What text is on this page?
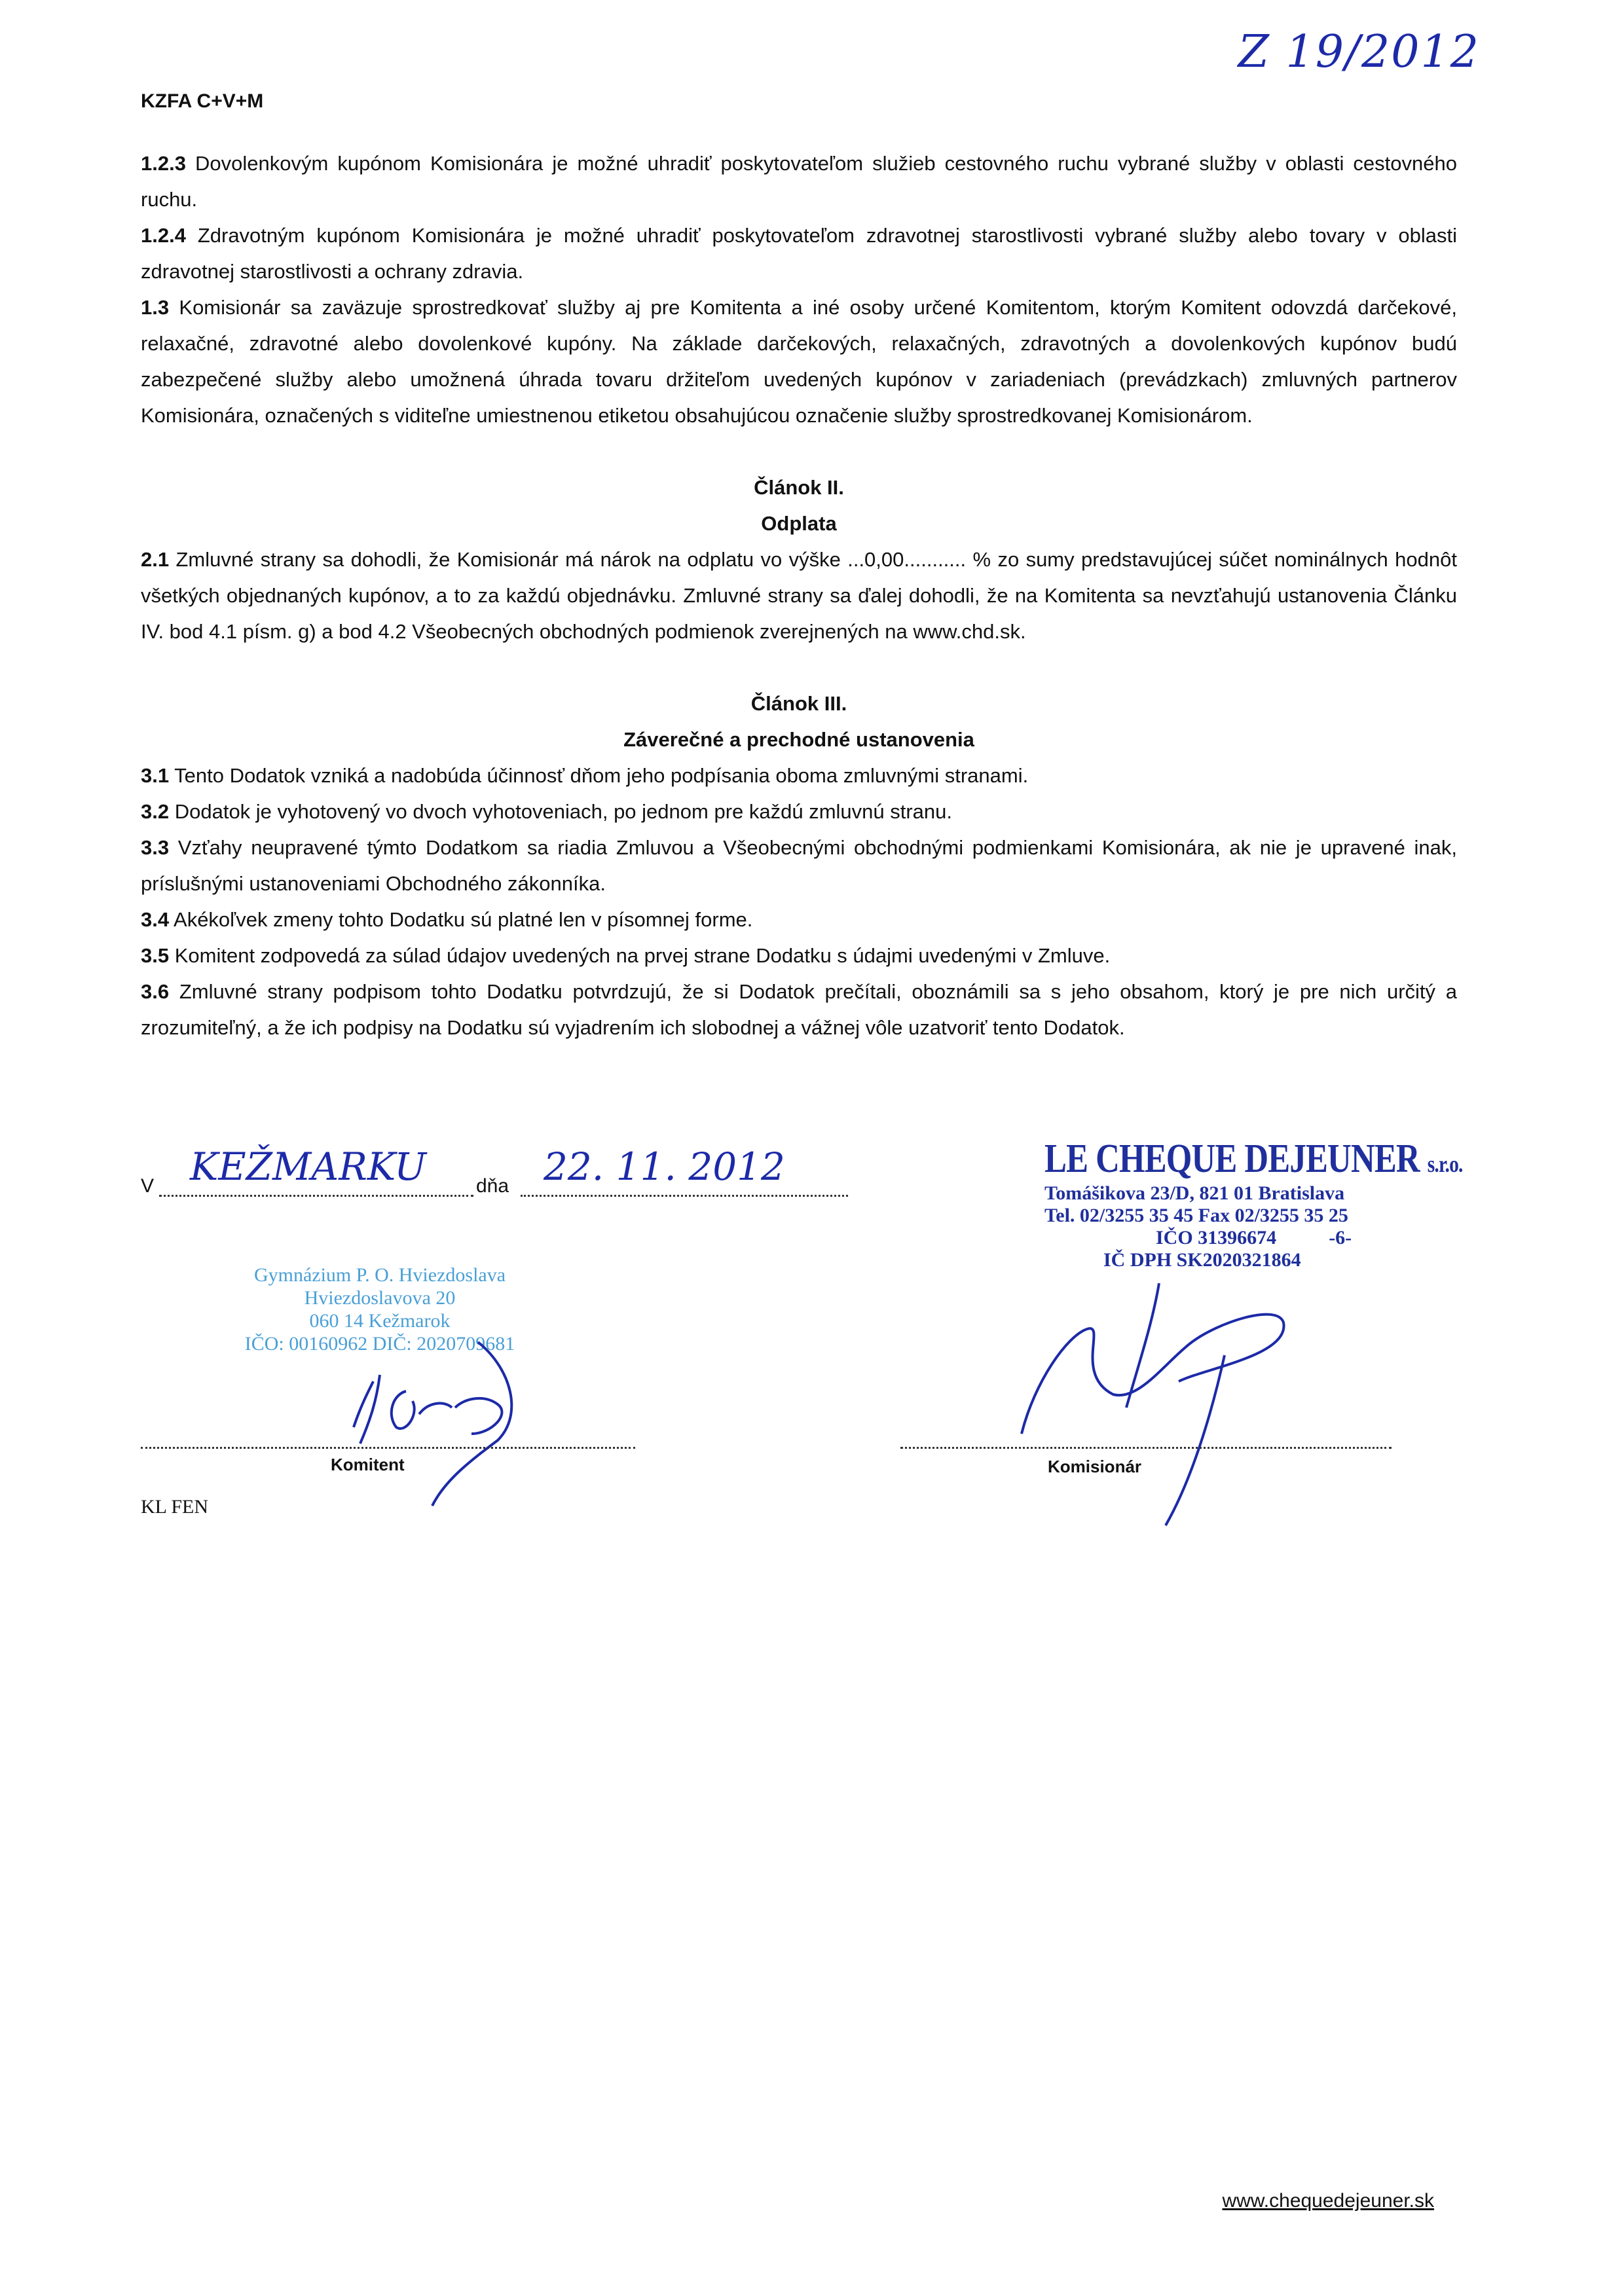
Z 19/2012
KZFA C+V+M

1.2.3 Dovolenkovým kupónom Komisionára je možné uhradiť poskytovateľom služieb cestovného ruchu vybrané služby v oblasti cestovného ruchu.

1.2.4 Zdravotným kupónom Komisionára je možné uhradiť poskytovateľom zdravotnej starostlivosti vybrané služby alebo tovary v oblasti zdravotnej starostlivosti a ochrany zdravia.

1.3 Komisionár sa zaväzuje sprostredkovať služby aj pre Komitenta a iné osoby určené Komitentom, ktorým Komitent odovzdá darčekové, relaxačné, zdravotné alebo dovolenkové kupóny. Na základe darčekových, relaxačných, zdravotných a dovolenkových kupónov budú zabezpečené služby alebo umožnená úhrada tovaru držiteľom uvedených kupónov v zariadeniach (prevádzkach) zmluvných partnerov Komisionára, označených s viditeľne umiestnenou etiketou obsahujúcou označenie služby sprostredkovanej Komisionárom.

Článok II.

Odplata

2.1 Zmluvné strany sa dohodli, že Komisionár má nárok na odplatu vo výške ...0,00........... % zo sumy predstavujúcej súčet nominálnych hodnôt všetkých objednaných kupónov, a to za každú objednávku. Zmluvné strany sa ďalej dohodli, že na Komitenta sa nevzťahujú ustanovenia Článku IV. bod 4.1 písm. g) a bod 4.2 Všeobecných obchodných podmienok zverejnených na www.chd.sk.

Článok III.

Záverečné a prechodné ustanovenia

3.1 Tento Dodatok vzniká a nadobúda účinnosť dňom jeho podpísania oboma zmluvnými stranami.

3.2 Dodatok je vyhotovený vo dvoch vyhotoveniach, po jednom pre každú zmluvnú stranu.

3.3 Vzťahy neupravené týmto Dodatkom sa riadia Zmluvou a Všeobecnými obchodnými podmienkami Komisionára, ak nie je upravené inak, príslušnými ustanoveniami Obchodného zákonníka.

3.4 Akékoľvek zmeny tohto Dodatku sú platné len v písomnej forme.

3.5 Komitent zodpovedá za súlad údajov uvedených na prvej strane Dodatku s údajmi uvedenými v Zmluve.

3.6 Zmluvné strany podpisom tohto Dodatku potvrdzujú, že si Dodatok prečítali, oboznámili sa s jeho obsahom, ktorý je pre nich určitý a zrozumiteľný, a že ich podpisy na Dodatku sú vyjadrením ich slobodnej a vážnej vôle uzatvoriť tento Dodatok.

V	dňa
KEŽMARKU	22. 11. 2012
Gymnázium P. O. Hviezdoslava
Hviezdoslavova 20
060 14 Kežmarok
IČO: 00160962 DIČ: 2020709681
LE CHEQUE DEJEUNER s.r.o.
Tomášikova 23/D, 821 01 Bratislava
Tel. 02/3255 35 45 Fax 02/3255 35 25
IČO 31396674	-6-
IČ DPH SK2020321864
Komitent	Komisionár
KL FEN
www.chequedejeuner.sk
